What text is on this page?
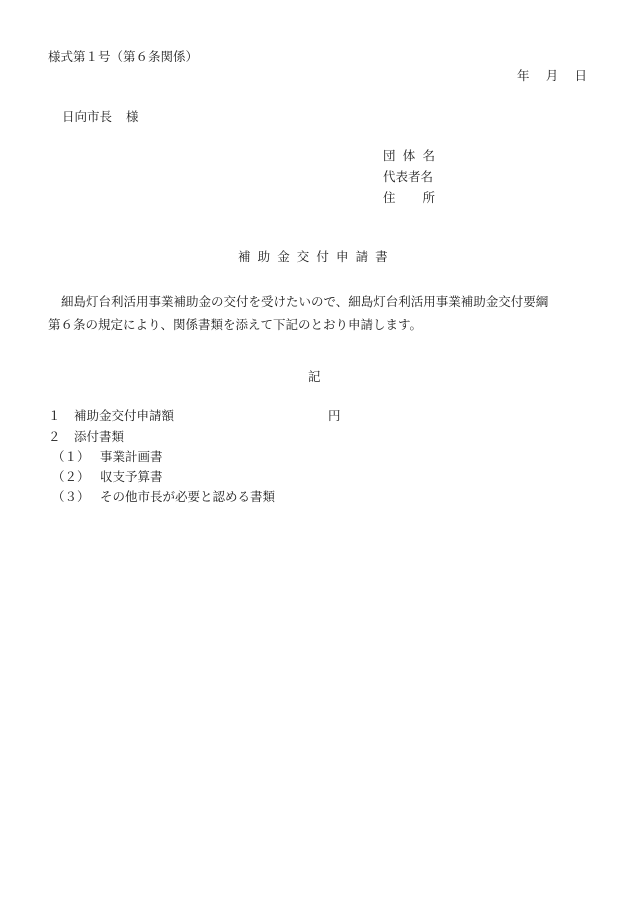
様式第１号（第６条関係）
年 月 日
日向市長 様
団 体 名
代表者名
住 所
補 助 金 交 付 申 請 書
細島灯台利活用事業補助金の交付を受けたいので、細島灯台利活用事業補助金交付要綱
第６条の規定により、関係書類を添えて下記のとおり申請します。
記
１	補助金交付申請額	円
２	添付書類
（１） 事業計画書
（２） 収支予算書
（３） その他市長が必要と認める書類
